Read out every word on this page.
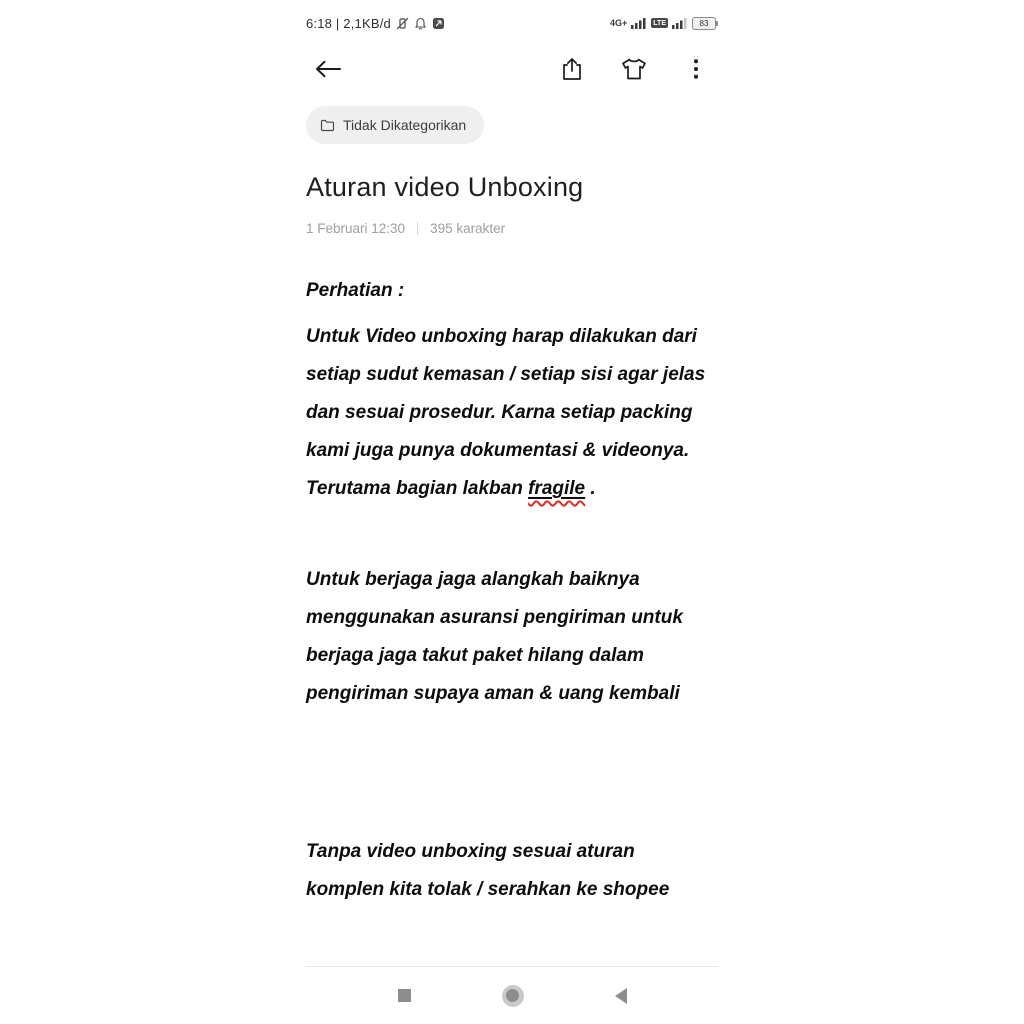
6:18 | 2,1KB/d	4G+	LTE	83
Tidak Dikategorikan
Aturan video Unboxing
1 Februari 12:30 395 karakter

Perhatian :

Untuk Video unboxing harap dilakukan dari setiap sudut kemasan / setiap sisi agar jelas dan sesuai prosedur. Karna setiap packing kami juga punya dokumentasi & videonya. Terutama bagian lakban fragile .

Untuk berjaga jaga alangkah baiknya menggunakan asuransi pengiriman untuk berjaga jaga takut paket hilang dalam pengiriman supaya aman & uang kembali

Tanpa video unboxing sesuai aturan komplen kita tolak / serahkan ke shopee
